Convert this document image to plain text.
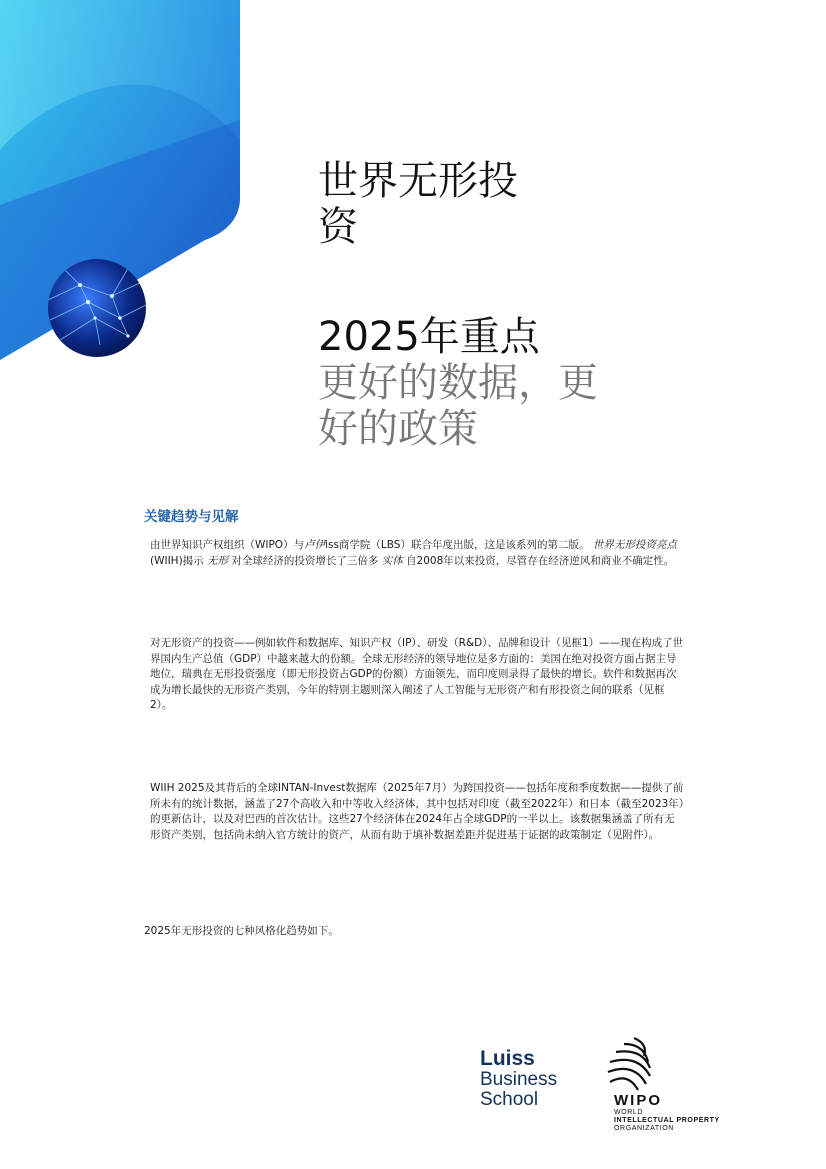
世界无形投
资
2025年重点
更好的数据，更
好的政策
关键趋势与见解
由世界知识产权组织（WIPO）与卢伊iss商学院（LBS）联合年度出版，这是该系列的第二版。 世界无形投资亮点 (WIIH)揭示 无形 对全球经济的投资增长了三倍多 实体 自2008年以来投资，尽管存在经济逆风和商业不确定性。
对无形资产的投资——例如软件和数据库、知识产权（IP）、研发（R&D）、品牌和设计（见框1）——现在构成了世界国内生产总值（GDP）中越来越大的份额。全球无形经济的领导地位是多方面的：美国在绝对投资方面占据主导地位，瑞典在无形投资强度（即无形投资占GDP的份额）方面领先，而印度则录得了最快的增长。软件和数据再次成为增长最快的无形资产类别，今年的特别主题则深入阐述了人工智能与无形资产和有形投资之间的联系（见框2）。
WIIH 2025及其背后的全球INTAN-Invest数据库（2025年7月）为跨国投资——包括年度和季度数据——提供了前所未有的统计数据，涵盖了27个高收入和中等收入经济体，其中包括对印度（截至2022年）和日本（截至2023年）的更新估计，以及对巴西的首次估计。这些27个经济体在2024年占全球GDP的一半以上。该数据集涵盖了所有无形资产类别，包括尚未纳入官方统计的资产，从而有助于填补数据差距并促进基于证据的政策制定（见附件）。
2025年无形投资的七种风格化趋势如下。
Luiss
Business
School	WIPO
WORLD
INTELLECTUAL PROPERTY
ORGANIZATION
